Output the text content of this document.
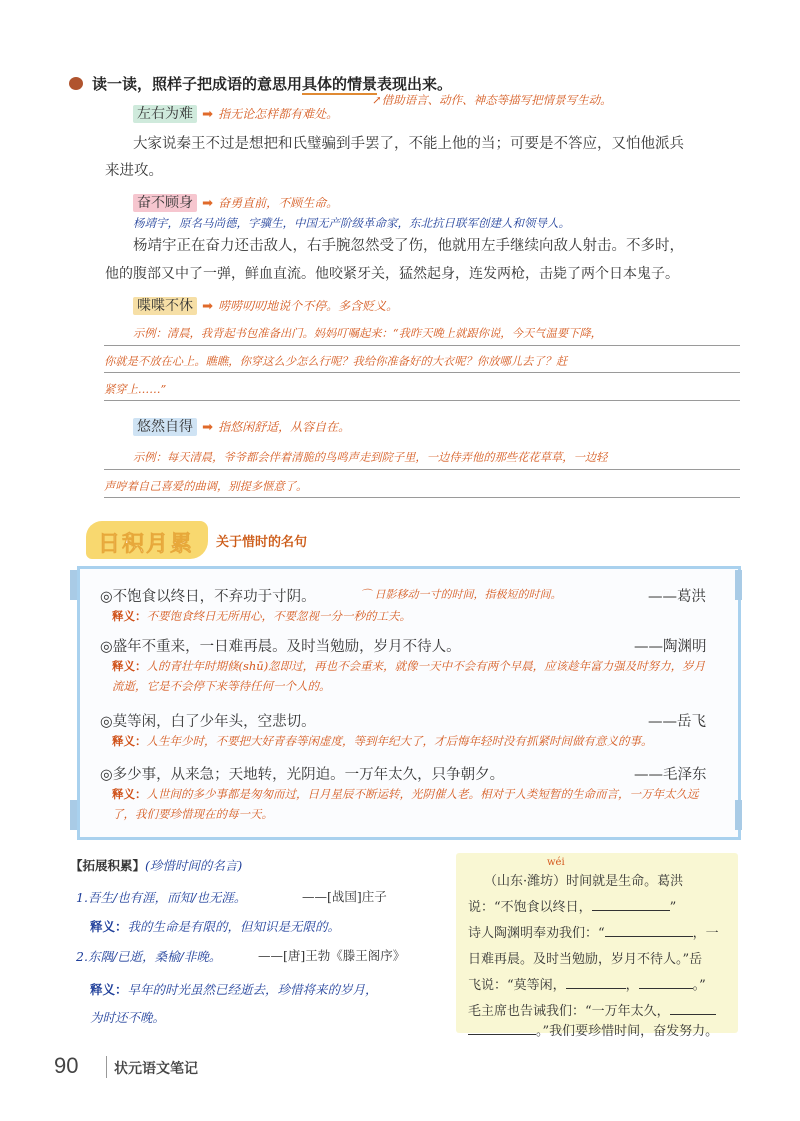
读一读，照样子把成语的意思用具体的情景表现出来。
左右为难 ➡ 指无论怎样都有难处。
↗借助语言、动作、神态等描写把情景写生动。
大家说秦王不过是想把和氏璧骗到手罢了，不能上他的当；可要是不答应，又怕他派兵
来进攻。
奋不顾身 ➡ 奋勇直前，不顾生命。
杨靖宇，原名马尚德，字骥生，中国无产阶级革命家，东北抗日联军创建人和领导人。
杨靖宇正在奋力还击敌人，右手腕忽然受了伤，他就用左手继续向敌人射击。不多时，
他的腹部又中了一弹，鲜血直流。他咬紧牙关，猛然起身，连发两枪，击毙了两个日本鬼子。
喋喋不休 ➡ 唠唠叨叨地说个不停。多含贬义。
示例：清晨，我背起书包准备出门。妈妈叮嘱起来：“我昨天晚上就跟你说，今天气温要下降，
你就是不放在心上。瞧瞧，你穿这么少怎么行呢？我给你准备好的大衣呢？你放哪儿去了？赶
紧穿上……”
悠然自得 ➡ 指悠闲舒适，从容自在。
示例：每天清晨，爷爷都会伴着清脆的鸟鸣声走到院子里，一边侍弄他的那些花花草草，一边轻
声哼着自己喜爱的曲调，别提多惬意了。
日积月累 关于惜时的名句
◎不饱食以终日，不弃功于寸阴。	⌒ 日影移动一寸的时间，指极短的时间。	——葛洪
释义：不要饱食终日无所用心，不要忽视一分一秒的工夫。
◎盛年不重来，一日难再晨。及时当勉励，岁月不待人。	——陶渊明
释义：人的青壮年时期倏(shū)忽即过，再也不会重来，就像一天中不会有两个早晨，应该趁年富力强及时努力，岁月流逝，它是不会停下来等待任何一个人的。
◎莫等闲，白了少年头，空悲切。	——岳飞
释义：人生年少时，不要把大好青春等闲虚度，等到年纪大了，才后悔年轻时没有抓紧时间做有意义的事。
◎多少事，从来急；天地转，光阴迫。一万年太久，只争朝夕。	——毛泽东
释义：人世间的多少事都是匆匆而过，日月星辰不断运转，光阴催人老。相对于人类短暂的生命而言，一万年太久远了，我们要珍惜现在的每一天。
【拓展积累】(珍惜时间的名言)
1.吾生/也有涯，而知/也无涯。	——[战国]庄子
释义：我的生命是有限的，但知识是无限的。
2.东隅/已逝，桑榆/非晚。	——[唐]王勃《滕王阁序》
释义：早年的时光虽然已经逝去，珍惜将来的岁月，
为时还不晚。
wéi
（山东·潍坊）时间就是生命。葛洪
说：“不饱食以终日，	”
诗人陶渊明奉劝我们：“	，一
日难再晨。及时当勉励，岁月不待人。”岳
飞说：“莫等闲，	，	。”
毛主席也告诫我们：“一万年太久，
。”我们要珍惜时间，奋发努力。
90	状元语文笔记
